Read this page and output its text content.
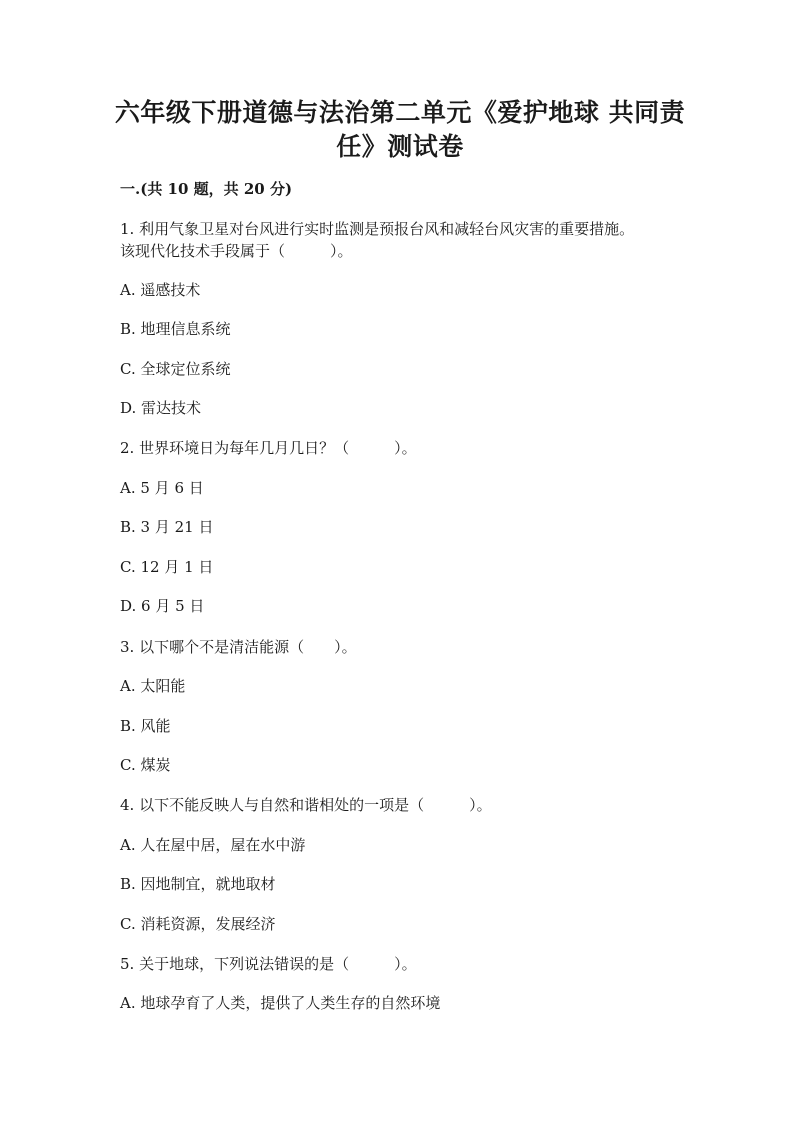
六年级下册道德与法治第二单元《爱护地球 共同责
任》测试卷
一.(共 10 题，共 20 分)
1. 利用气象卫星对台风进行实时监测是预报台风和减轻台风灾害的重要措施。
该现代化技术手段属于（　　　）。
A. 遥感技术
B. 地理信息系统
C. 全球定位系统
D. 雷达技术
2. 世界环境日为每年几月几日？（　　　）。
A. 5 月 6 日
B. 3 月 21 日
C. 12 月 1 日
D. 6 月 5 日
3. 以下哪个不是清洁能源（　　）。
A. 太阳能
B. 风能
C. 煤炭
4. 以下不能反映人与自然和谐相处的一项是（　　　）。
A. 人在屋中居，屋在水中游
B. 因地制宜，就地取材
C. 消耗资源，发展经济
5. 关于地球，下列说法错误的是（　　　）。
A. 地球孕育了人类，提供了人类生存的自然环境
